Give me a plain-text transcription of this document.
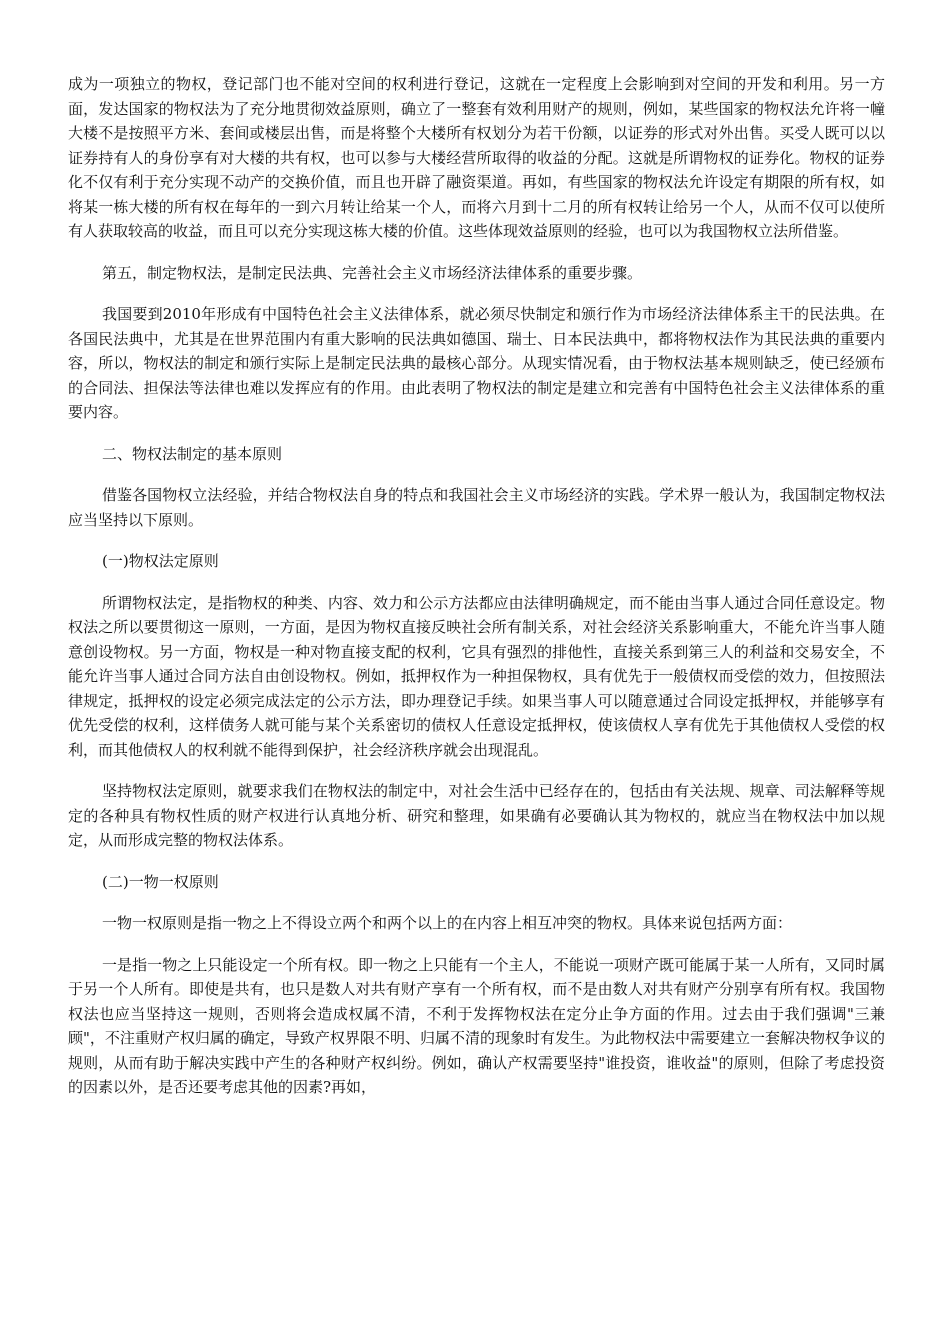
成为一项独立的物权，登记部门也不能对空间的权利进行登记，这就在一定程度上会影响到对空间的开发和利用。另一方面，发达国家的物权法为了充分地贯彻效益原则，确立了一整套有效利用财产的规则，例如，某些国家的物权法允许将一幢大楼不是按照平方米、套间或楼层出售，而是将整个大楼所有权划分为若干份额，以证券的形式对外出售。买受人既可以以证券持有人的身份享有对大楼的共有权，也可以参与大楼经营所取得的收益的分配。这就是所谓物权的证券化。物权的证券化不仅有利于充分实现不动产的交换价值，而且也开辟了融资渠道。再如，有些国家的物权法允许设定有期限的所有权，如将某一栋大楼的所有权在每年的一到六月转让给某一个人，而将六月到十二月的所有权转让给另一个人，从而不仅可以使所有人获取较高的收益，而且可以充分实现这栋大楼的价值。这些体现效益原则的经验，也可以为我国物权立法所借鉴。

第五，制定物权法，是制定民法典、完善社会主义市场经济法律体系的重要步骤。

我国要到2010年形成有中国特色社会主义法律体系，就必须尽快制定和颁行作为市场经济法律体系主干的民法典。在各国民法典中，尤其是在世界范围内有重大影响的民法典如德国、瑞士、日本民法典中，都将物权法作为其民法典的重要内容，所以，物权法的制定和颁行实际上是制定民法典的最核心部分。从现实情况看，由于物权法基本规则缺乏，使已经颁布的合同法、担保法等法律也难以发挥应有的作用。由此表明了物权法的制定是建立和完善有中国特色社会主义法律体系的重要内容。

二、物权法制定的基本原则

借鉴各国物权立法经验，并结合物权法自身的特点和我国社会主义市场经济的实践。学术界一般认为，我国制定物权法应当坚持以下原则。

(一)物权法定原则

所谓物权法定，是指物权的种类、内容、效力和公示方法都应由法律明确规定，而不能由当事人通过合同任意设定。物权法之所以要贯彻这一原则，一方面，是因为物权直接反映社会所有制关系，对社会经济关系影响重大，不能允许当事人随意创设物权。另一方面，物权是一种对物直接支配的权利，它具有强烈的排他性，直接关系到第三人的利益和交易安全，不能允许当事人通过合同方法自由创设物权。例如，抵押权作为一种担保物权，具有优先于一般债权而受偿的效力，但按照法律规定，抵押权的设定必须完成法定的公示方法，即办理登记手续。如果当事人可以随意通过合同设定抵押权，并能够享有优先受偿的权利，这样债务人就可能与某个关系密切的债权人任意设定抵押权，使该债权人享有优先于其他债权人受偿的权利，而其他债权人的权利就不能得到保护，社会经济秩序就会出现混乱。

坚持物权法定原则，就要求我们在物权法的制定中，对社会生活中已经存在的，包括由有关法规、规章、司法解释等规定的各种具有物权性质的财产权进行认真地分析、研究和整理，如果确有必要确认其为物权的，就应当在物权法中加以规定，从而形成完整的物权法体系。

(二)一物一权原则

一物一权原则是指一物之上不得设立两个和两个以上的在内容上相互冲突的物权。具体来说包括两方面：

一是指一物之上只能设定一个所有权。即一物之上只能有一个主人，不能说一项财产既可能属于某一人所有，又同时属于另一个人所有。即使是共有，也只是数人对共有财产享有一个所有权，而不是由数人对共有财产分别享有所有权。我国物权法也应当坚持这一规则，否则将会造成权属不清，不利于发挥物权法在定分止争方面的作用。过去由于我们强调"三兼顾"，不注重财产权归属的确定，导致产权界限不明、归属不清的现象时有发生。为此物权法中需要建立一套解决物权争议的规则，从而有助于解决实践中产生的各种财产权纠纷。例如，确认产权需要坚持"谁投资，谁收益"的原则，但除了考虑投资的因素以外，是否还要考虑其他的因素?再如，
